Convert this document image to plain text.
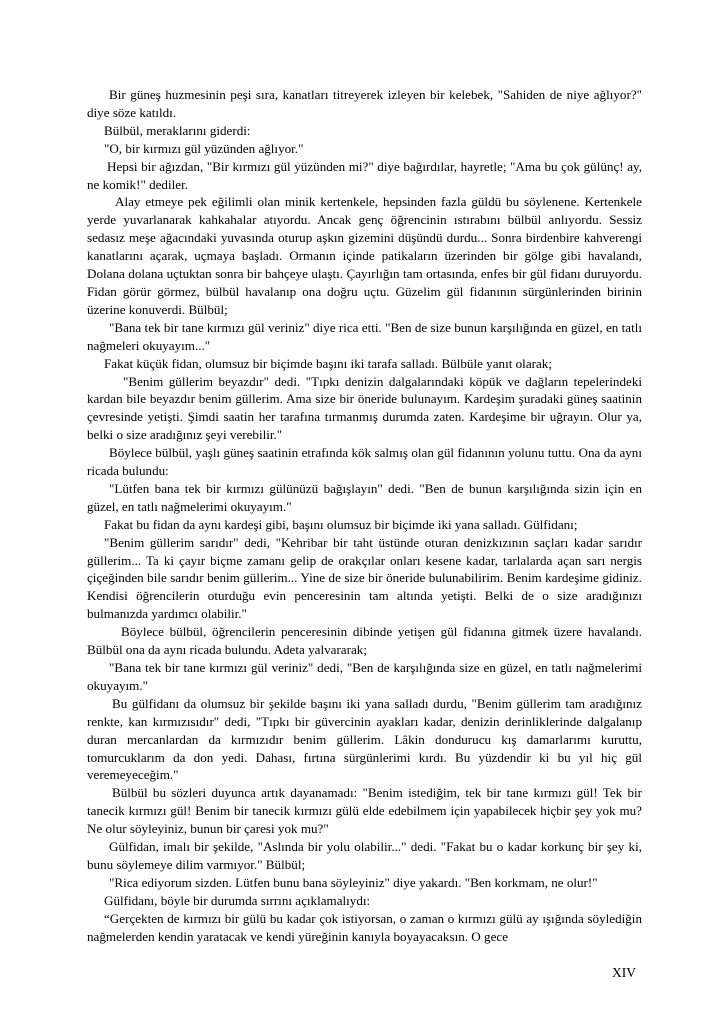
Bir güneş huzmesinin peşi sıra, kanatları titreyerek izleyen bir kelebek, "Sahiden de niye ağlıyor?" diye söze katıldı.

Bülbül, meraklarını giderdi:

"O, bir kırmızı gül yüzünden ağlıyor."

Hepsi bir ağızdan, "Bir kırmızı gül yüzünden mi?" diye bağırdılar, hayretle; "Ama bu çok gülünç! ay, ne komik!" dediler.

Alay etmeye pek eğilimli olan minik kertenkele, hepsinden fazla güldü bu söylenene. Kertenkele yerde yuvarlanarak kahkahalar atıyordu. Ancak genç öğrencinin ıstırabını bülbül anlıyordu. Sessiz sedasız meşe ağacındaki yuvasında oturup aşkın gizemini düşündü durdu... Sonra birdenbire kahverengi kanatlarını açarak, uçmaya başladı. Ormanın içinde patikaların üzerinden bir gölge gibi havalandı, Dolana dolana uçtuktan sonra bir bahçeye ulaştı. Çayırlığın tam ortasında, enfes bir gül fidanı duruyordu. Fidan görür görmez, bülbül havalanıp ona doğru uçtu. Güzelim gül fidanının sürgünlerinden birinin üzerine konuverdi. Bülbül;

"Bana tek bir tane kırmızı gül veriniz" diye rica etti. "Ben de size bunun karşılığında en güzel, en tatlı nağmeleri okuyayım..."

Fakat küçük fidan, olumsuz bir biçimde başını iki tarafa salladı. Bülbüle yanıt olarak;

"Benim güllerim beyazdır" dedi. "Tıpkı denizin dalgalarındaki köpük ve dağların tepelerindeki kardan bile beyazdır benim güllerim. Ama size bir öneride bulunayım. Kardeşim şuradaki güneş saatinin çevresinde yetişti. Şimdi saatin her tarafına tırmanmış durumda zaten. Kardeşime bir uğrayın. Olur ya, belki o size aradığınız şeyi verebilir."

Böylece bülbül, yaşlı güneş saatinin etrafında kök salmış olan gül fidanının yolunu tuttu. Ona da aynı ricada bulundu:

"Lütfen bana tek bir kırmızı gülünüzü bağışlayın" dedi. "Ben de bunun karşılığında sizin için en güzel, en tatlı nağmelerimi okuyayım."

Fakat bu fidan da aynı kardeşi gibi, başını olumsuz bir biçimde iki yana salladı. Gülfidanı;

"Benim güllerim sarıdır" dedi, "Kehribar bir taht üstünde oturan denizkızının saçları kadar sarıdır güllerim... Ta ki çayır biçme zamanı gelip de orakçılar onları kesene kadar, tarlalarda açan sarı nergis çiçeğinden bile sarıdır benim güllerim... Yine de size bir öneride bulunabilirim. Benim kardeşime gidiniz. Kendisi öğrencilerin oturduğu evin penceresinin tam altında yetişti. Belki de o size aradığınızı bulmanızda yardımcı olabilir."

Böylece bülbül, öğrencilerin penceresinin dibinde yetişen gül fidanına gitmek üzere havalandı. Bülbül ona da aynı ricada bulundu. Adeta yalvararak;

"Bana tek bir tane kırmızı gül veriniz" dedi, "Ben de karşılığında size en güzel, en tatlı nağmelerimi okuyayım."

Bu gülfidanı da olumsuz bir şekilde başını iki yana salladı durdu, "Benim güllerim tam aradığınız renkte, kan kırmızısıdır" dedi, "Tıpkı bir güvercinin ayakları kadar, denizin derinliklerinde dalgalanıp duran mercanlardan da kırmızıdır benim güllerim. Lâkin dondurucu kış damarlarımı kuruttu, tomurcuklarım da don yedi. Dahası, fırtına sürgünlerimi kırdı. Bu yüzdendir ki bu yıl hiç gül veremeyeceğim."

Bülbül bu sözleri duyunca artık dayanamadı: "Benim istediğim, tek bir tane kırmızı gül! Tek bir tanecik kırmızı gül! Benim bir tanecik kırmızı gülü elde edebilmem için yapabilecek hiçbir şey yok mu? Ne olur söyleyiniz, bunun bir çaresi yok mu?"

Gülfidan, imalı bir şekilde, "Aslında bir yolu olabilir..." dedi. "Fakat bu o kadar korkunç bir şey ki, bunu söylemeye dilim varmıyor." Bülbül;

"Rica ediyorum sizden. Lütfen bunu bana söyleyiniz" diye yakardı. "Ben korkmam, ne olur!"

Gülfidanı, böyle bir durumda sırrını açıklamalıydı:

“Gerçekten de kırmızı bir gülü bu kadar çok istiyorsan, o zaman o kırmızı gülü ay ışığında söylediğin nağmelerden kendin yaratacak ve kendi yüreğinin kanıyla boyayacaksın. O gece

XIV
